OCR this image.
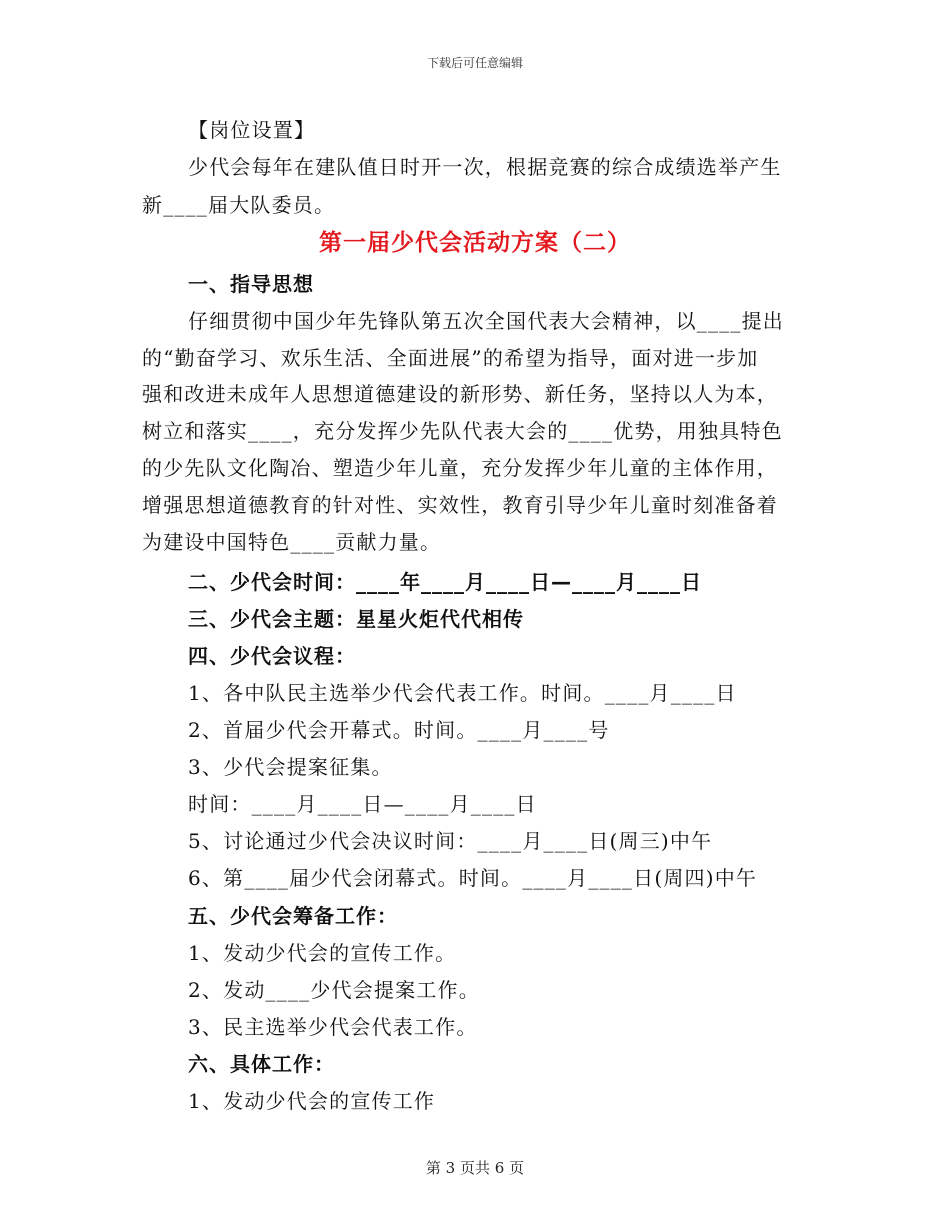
下载后可任意编辑
【岗位设置】
少代会每年在建队值日时开一次，根据竞赛的综合成绩选举产生
新____届大队委员。
第一届少代会活动方案（二）
一、指导思想
仔细贯彻中国少年先锋队第五次全国代表大会精神，以____提出
的“勤奋学习、欢乐生活、全面进展”的希望为指导，面对进一步加
强和改进未成年人思想道德建设的新形势、新任务，坚持以人为本，
树立和落实____，充分发挥少先队代表大会的____优势，用独具特色
的少先队文化陶冶、塑造少年儿童，充分发挥少年儿童的主体作用，
增强思想道德教育的针对性、实效性，教育引导少年儿童时刻准备着
为建设中国特色____贡献力量。
二、少代会时间：____年____月____日—____月____日
三、少代会主题：星星火炬代代相传
四、少代会议程：
1、各中队民主选举少代会代表工作。时间。____月____日
2、首届少代会开幕式。时间。____月____号
3、少代会提案征集。
时间：____月____日—____月____日
5、讨论通过少代会决议时间：____月____日(周三)中午
6、第____届少代会闭幕式。时间。____月____日(周四)中午
五、少代会筹备工作：
1、发动少代会的宣传工作。
2、发动____少代会提案工作。
3、民主选举少代会代表工作。
六、具体工作：
1、发动少代会的宣传工作
第 3 页共 6 页
